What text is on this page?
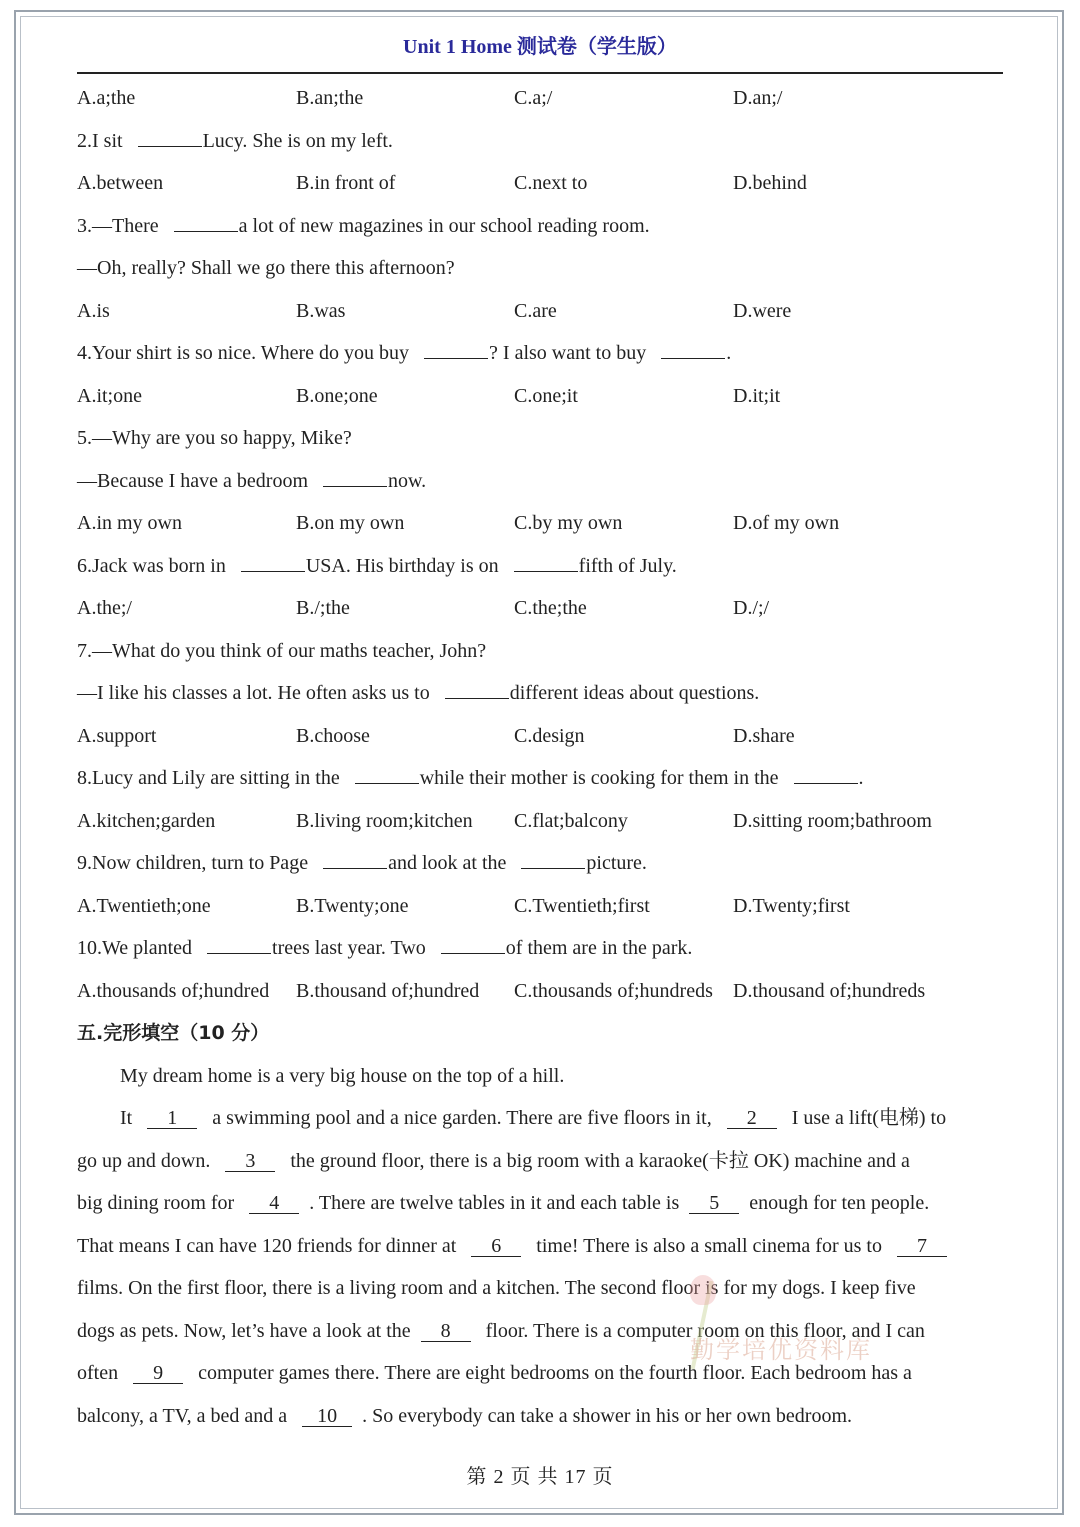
Unit 1 Home 测试卷（学生版）
A.a;the	B.an;the	C.a;/	D.an;/
2.I sit	Lucy. She is on my left.
A.between	B.in front of	C.next to	D.behind
3.—There	a lot of new magazines in our school reading room.
—Oh, really? Shall we go there this afternoon?
A.is	B.was	C.are	D.were
4.Your shirt is so nice. Where do you buy	? I also want to buy	.
A.it;one	B.one;one	C.one;it	D.it;it
5.—Why are you so happy, Mike?
—Because I have a bedroom	now.
A.in my own	B.on my own	C.by my own	D.of my own
6.Jack was born in	USA. His birthday is on	fifth of July.
A.the;/	B./;the	C.the;the	D./;/
7.—What do you think of our maths teacher, John?
—I like his classes a lot. He often asks us to	different ideas about questions.
A.support	B.choose	C.design	D.share
8.Lucy and Lily are sitting in the	while their mother is cooking for them in the	.
A.kitchen;garden	B.living room;kitchen C.flat;balcony	D.sitting room;bathroom
9.Now children, turn to Page	and look at the	picture.
A.Twentieth;one	B.Twenty;one	C.Twentieth;first	D.Twenty;first
10.We planted	trees last year. Two	of them are in the park.
A.thousands of;hundred B.thousand of;hundred C.thousands of;hundreds D.thousand of;hundreds
五.完形填空（10 分）
My dream home is a very big house on the top of a hill.
It 1 a swimming pool and a nice garden. There are five floors in it, 2 I use a lift(电梯) to
go up and down. 3 the ground floor, there is a big room with a karaoke(卡拉 OK) machine and a
big dining room for 4 . There are twelve tables in it and each table is 5 enough for ten people.
That means I can have 120 friends for dinner at 6 time! There is also a small cinema for us to 7
films. On the first floor, there is a living room and a kitchen. The second floor is for my dogs. I keep five
dogs as pets. Now, let’s have a look at the 8 floor. There is a computer room on this floor, and I can
often 9 computer games there. There are eight bedrooms on the fourth floor. Each bedroom has a
balcony, a TV, a bed and a 10 . So everybody can take a shower in his or her own bedroom.
勤学培优资料库
第 2 页 共 17 页
